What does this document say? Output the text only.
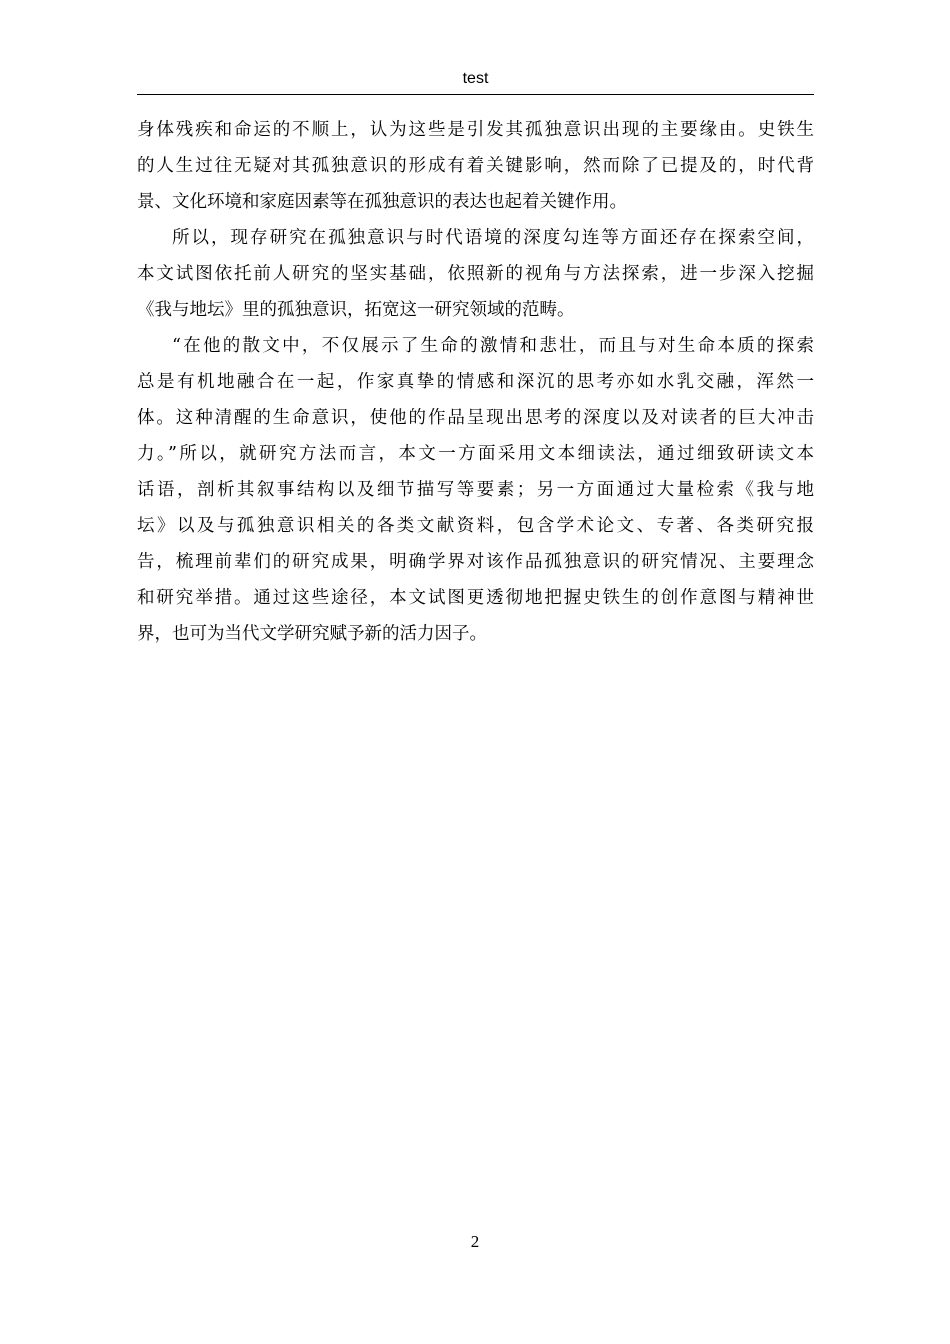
test
身体残疾和命运的不顺上，认为这些是引发其孤独意识出现的主要缘由。史铁生
的人生过往无疑对其孤独意识的形成有着关键影响，然而除了已提及的，时代背
景、文化环境和家庭因素等在孤独意识的表达也起着关键作用。
所以，现存研究在孤独意识与时代语境的深度勾连等方面还存在探索空间，
本文试图依托前人研究的坚实基础，依照新的视角与方法探索，进一步深入挖掘
《我与地坛》里的孤独意识，拓宽这一研究领域的范畴。
“在他的散文中，不仅展示了生命的激情和悲壮，而且与对生命本质的探索
总是有机地融合在一起，作家真挚的情感和深沉的思考亦如水乳交融，浑然一
体。这种清醒的生命意识，使他的作品呈现出思考的深度以及对读者的巨大冲击
力。”所以，就研究方法而言，本文一方面采用文本细读法，通过细致研读文本
话语，剖析其叙事结构以及细节描写等要素；另一方面通过大量检索《我与地
坛》以及与孤独意识相关的各类文献资料，包含学术论文、专著、各类研究报
告，梳理前辈们的研究成果，明确学界对该作品孤独意识的研究情况、主要理念
和研究举措。通过这些途径，本文试图更透彻地把握史铁生的创作意图与精神世
界，也可为当代文学研究赋予新的活力因子。
2
